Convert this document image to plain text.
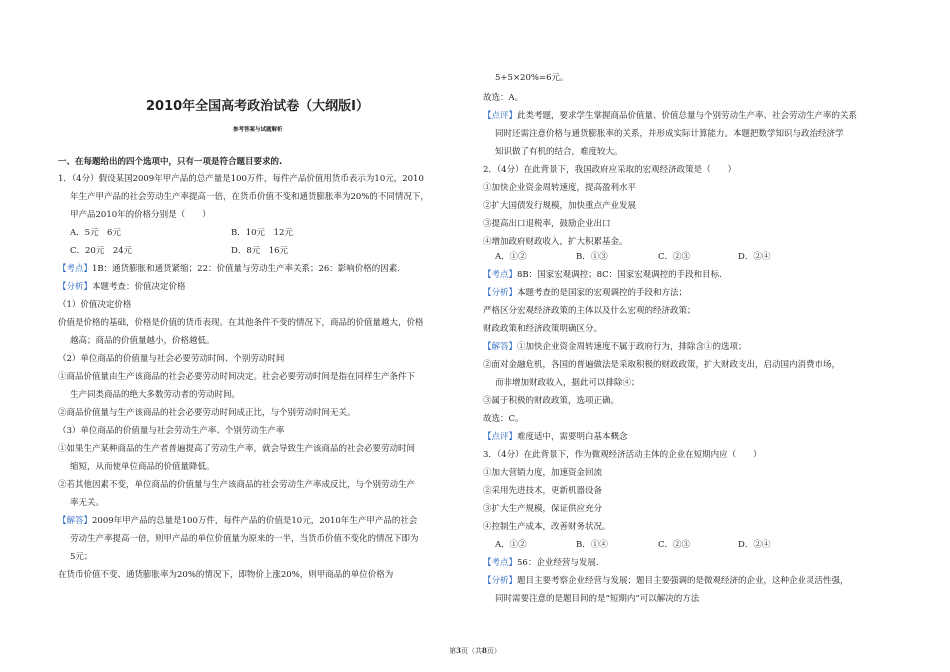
2010年全国高考政治试卷（大纲版Ⅰ）
参考答案与试题解析
一、在每题给出的四个选项中，只有一项是符合题目要求的.
1．（4分）假设某国2009年甲产品的总产量是100万件，每件产品价值用货币表示为10元，2010
年生产甲产品的社会劳动生产率提高一倍，在货币价值不变和通货膨胀率为20%的不同情况下，
甲产品2010年的价格分别是（　　）
A．5元　6元	B．10元　12元
C．20元　24元	D．8元　16元
【考点】1B：通货膨胀和通货紧缩；22：价值量与劳动生产率关系；26：影响价格的因素.
【分析】本题考查：价值决定价格
（1）价值决定价格
价值是价格的基础，价格是价值的货币表现。在其他条件不变的情况下，商品的价值量越大，价格
越高；商品的价值量越小，价格越低。
（2）单位商品的价值量与社会必要劳动时间、个别劳动时间
①商品价值量由生产该商品的社会必要劳动时间决定。社会必要劳动时间是指在同样生产条件下
生产同类商品的绝大多数劳动者的劳动时间。
②商品价值量与生产该商品的社会必要劳动时间成正比，与个别劳动时间无关。
（3）单位商品的价值量与社会劳动生产率、个别劳动生产率
①如果生产某种商品的生产者普遍提高了劳动生产率，就会导致生产该商品的社会必要劳动时间
缩短，从而使单位商品的价值量降低。
②若其他因素不变，单位商品的价值量与生产该商品的社会劳动生产率成反比，与个别劳动生产
率无关。
【解答】2009年甲产品的总量是100万件，每件产品的价值是10元，2010年生产甲产品的社会
劳动生产率提高一倍，则甲产品的单位价值量为原来的一半，当货币价值不变化的情况下即为
5元；
在货币价值不变、通货膨胀率为20%的情况下，即物价上涨20%，则甲商品的单位价格为
5+5×20%=6元。
故选：A。
【点评】此类考题，要求学生掌握商品价值量、价值总量与个别劳动生产率、社会劳动生产率的关系
同时还需注意价格与通货膨胀率的关系，并形成实际计算能力。本题把数学知识与政治经济学
知识做了有机的结合，难度较大。
2．（4分）在此背景下，我国政府应采取的宏观经济政策是（　　）
①加快企业资金周转速度，提高盈利水平
②扩大国债发行规模，加快重点产业发展
③提高出口退税率，鼓励企业出口
④增加政府财政收入，扩大积累基金。
A．①②	B．①③	C．②③	D．②④
【考点】8B：国家宏观调控；8C：国家宏观调控的手段和目标.
【分析】本题考查的是国家的宏观调控的手段和方法；
严格区分宏观经济政策的主体以及什么宏观的经济政策；
财政政策和经济政策明确区分。
【解答】①加快企业资金周转速度不属于政府行为，排除含①的选项；
②面对金融危机，各国的普遍做法是采取积极的财政政策，扩大财政支出，启动国内消费市场，
而非增加财政收入，据此可以排除④；
③属于积极的财政政策，选项正确。
故选：C。
【点评】难度适中，需要明白基本概念
3．（4分）在此背景下，作为微观经济活动主体的企业在短期内应（　　）
①加大营销力度，加速资金回流
②采用先进技术，更新机器设备
③扩大生产规模，保证供应充分
④控制生产成本，改善财务状况。
A．①②	B．①④	C．②③	D．②④
【考点】56：企业经营与发展.
【分析】题目主要考察企业经营与发展；题目主要强调的是微观经济的企业，这种企业灵活性强，
同时需要注意的是题目间的是“短期内”可以解决的方法
第3页（共8页）
